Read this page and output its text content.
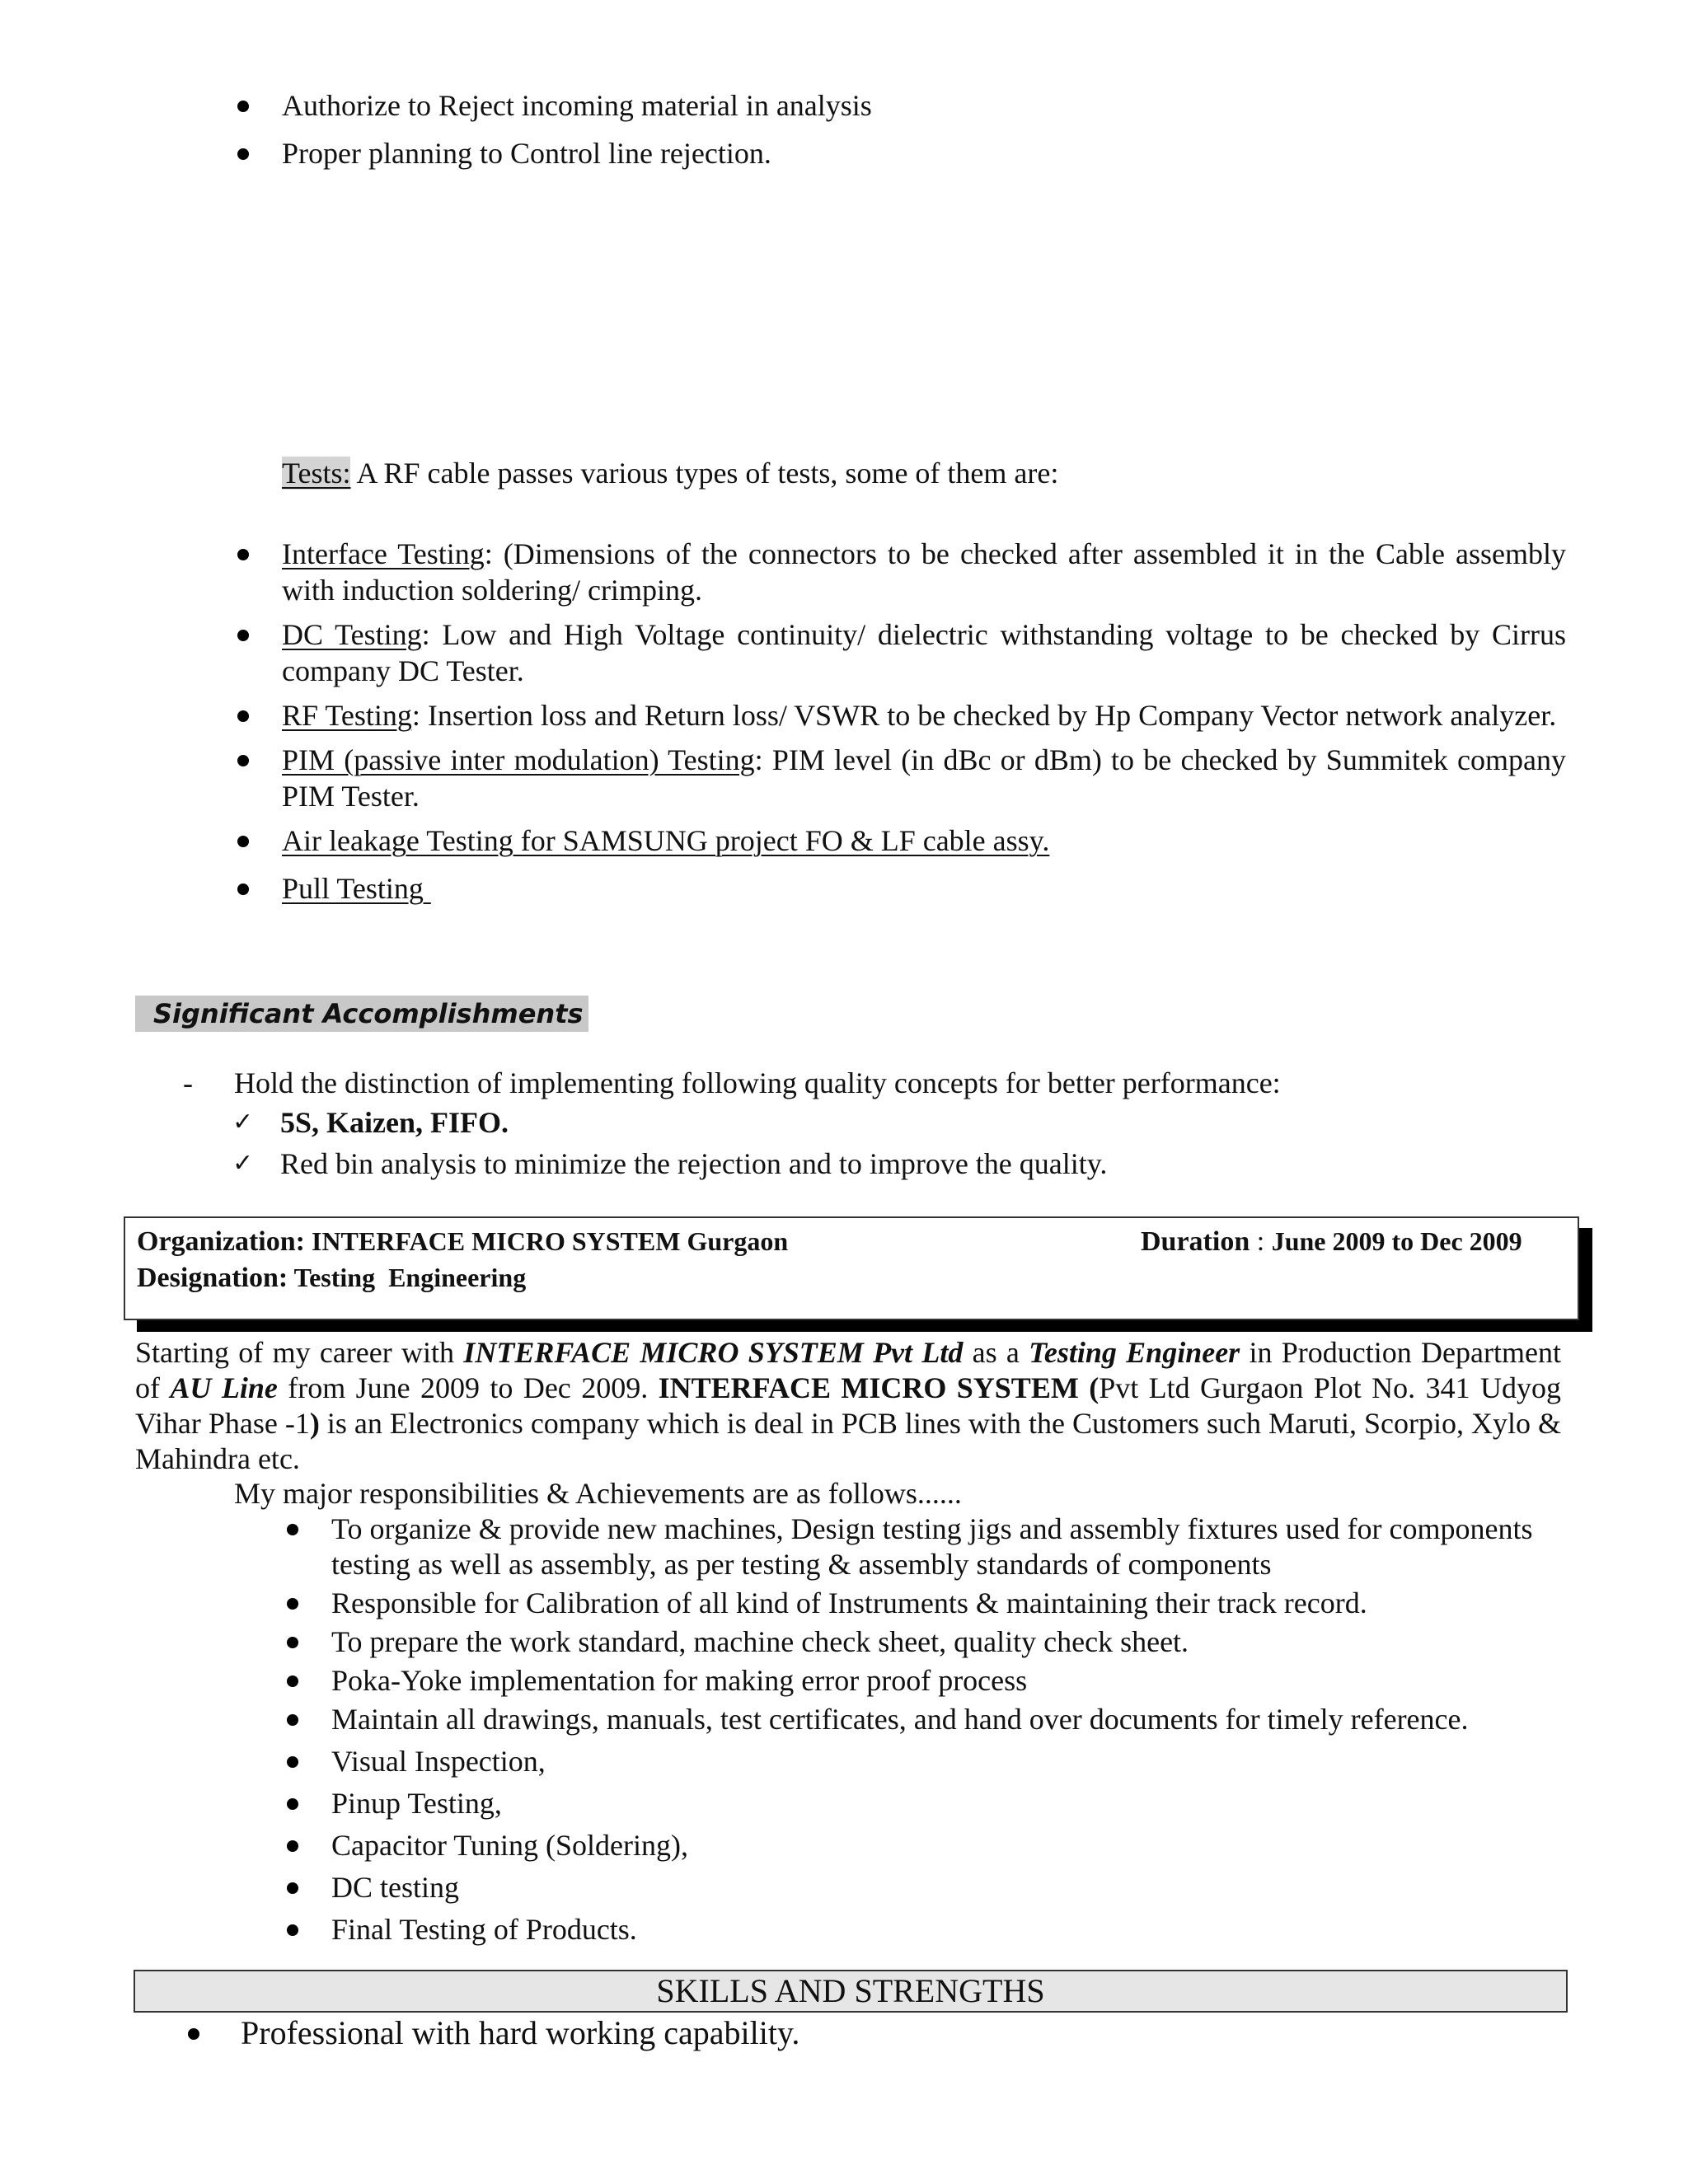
Authorize to Reject incoming material in analysis
Proper planning to Control line rejection.
Tests: A RF cable passes various types of tests, some of them are:
Interface Testing: (Dimensions of the connectors to be checked after assembled it in the Cable assembly with induction soldering/ crimping.
DC Testing: Low and High Voltage continuity/ dielectric withstanding voltage to be checked by Cirrus company DC Tester.
RF Testing: Insertion loss and Return loss/ VSWR to be checked by Hp Company Vector network analyzer.
PIM (passive inter modulation) Testing: PIM level (in dBc or dBm) to be checked by Summitek company PIM Tester.
Air leakage Testing for SAMSUNG project FO & LF cable assy.
Pull Testing
Significant Accomplishments
- Hold the distinction of implementing following quality concepts for better performance:
✓ 5S, Kaizen, FIFO.
✓ Red bin analysis to minimize the rejection and to improve the quality.
Organization: INTERFACE MICRO SYSTEM Gurgaon	Duration : June 2009 to Dec 2009
Designation: Testing  Engineering
Starting of my career with INTERFACE MICRO SYSTEM Pvt Ltd as a Testing Engineer in Production Department of AU Line from June 2009 to Dec 2009. INTERFACE MICRO SYSTEM (Pvt Ltd Gurgaon Plot No. 341 Udyog Vihar Phase -1) is an Electronics company which is deal in PCB lines with the Customers such Maruti, Scorpio, Xylo & Mahindra etc.
My major responsibilities & Achievements are as follows......
To organize & provide new machines, Design testing jigs and assembly fixtures used for components testing as well as assembly, as per testing & assembly standards of components
Responsible for Calibration of all kind of Instruments & maintaining their track record.
To prepare the work standard, machine check sheet, quality check sheet.
Poka-Yoke implementation for making error proof process
Maintain all drawings, manuals, test certificates, and hand over documents for timely reference.
Visual Inspection,
Pinup Testing,
Capacitor Tuning (Soldering),
DC testing
Final Testing of Products.
SKILLS AND STRENGTHS
Professional with hard working capability.
